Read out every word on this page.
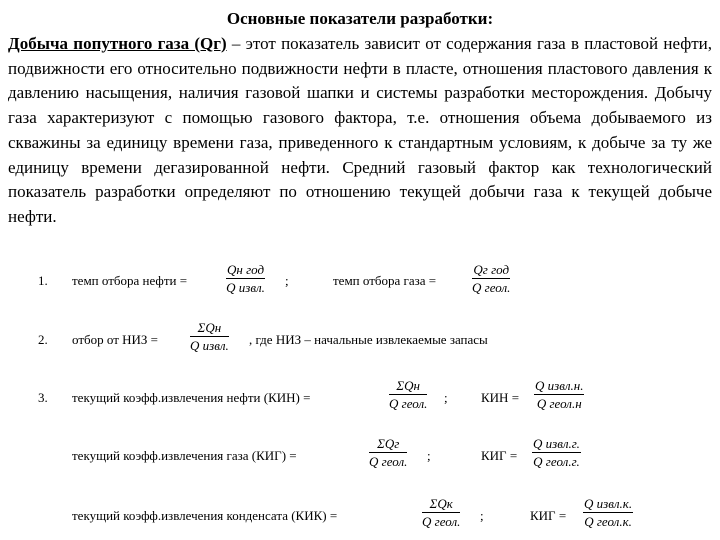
Основные показатели разработки:
Добыча попутного газа (Qг) – этот показатель зависит от содержания газа в пластовой нефти, подвижности его относительно подвижности нефти в пласте, отношения пластового давления к давлению насыщения, наличия газовой шапки и системы разработки месторождения. Добычу газа характеризуют с помощью газового фактора, т.е. отношения объема добываемого из скважины за единицу времени газа, приведенного к стандартным условиям, к добыче за ту же единицу времени дегазированной нефти. Средний газовый фактор как технологический показатель разработки определяют по отношению текущей добычи газа к текущей добыче нефти.
1. темп отбора нефти =
Qн год
Q извл. ;	темп отбора газа =
Qг год
Q геол.
2. отбор от НИЗ =
ΣQн
Q извл. , где НИЗ – начальные извлекаемые запасы
3. текущий коэфф.извлечения нефти (КИН) =
ΣQн
Q геол. ;	КИН =
Q извл.н.
Q геол.н
текущий коэфф.извлечения газа (КИГ) =
ΣQг
Q геол. ;	КИГ =
Q извл.г.
Q геол.г.
текущий коэфф.извлечения конденсата (КИК) =
ΣQк
Q геол. ;	КИГ =
Q извл.к.
Q геол.к.
